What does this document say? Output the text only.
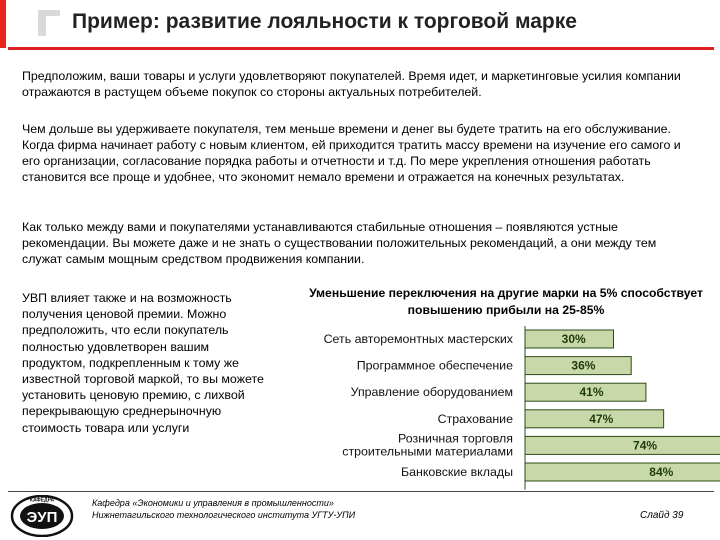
Пример: развитие лояльности к торговой марке

Предположим, ваши товары и услуги удовлетворяют покупателей. Время идет, и маркетинговые усилия компании отражаются в растущем объеме покупок со стороны актуальных потребителей.

Чем дольше вы удерживаете покупателя, тем меньше времени и денег вы будете тратить на его обслуживание. Когда фирма начинает работу с новым клиентом, ей приходится тратить массу времени на изучение его самого и его организации, согласование порядка работы и отчетности и т.д. По мере укрепления отношения работать становится все проще и удобнее, что экономит немало времени и отражается на конечных результатах.

Как только между вами и покупателями устанавливаются стабильные отношения – появляются устные рекомендации. Вы можете даже и не знать о существовании положительных рекомендаций, а они между тем служат самым мощным средством продвижения компании.

УВП влияет также и на возможность получения ценовой премии. Можно предположить, что если покупатель полностью удовлетворен вашим продуктом, подкрепленным к тому же известной торговой маркой, то вы можете установить ценовую премию, с лихвой перекрывающую среднерыночную стоимость товара или услуги

Уменьшение переключения на другие марки на 5% способствует повышению прибыли на 25-85%
30%
Сеть авторемонтных мастерских
36%
Программное обеспечение
41%
Управление оборудованием
47%
Страхование
74%
Розничная торговля строительными материалами
84%
Банковские вклады
ЭУП
КАФЕДРА	Кафедра «Экономики и управления в промышленности»
Нижнетагильского технологического института УГТУ-УПИ	Слайд 39
